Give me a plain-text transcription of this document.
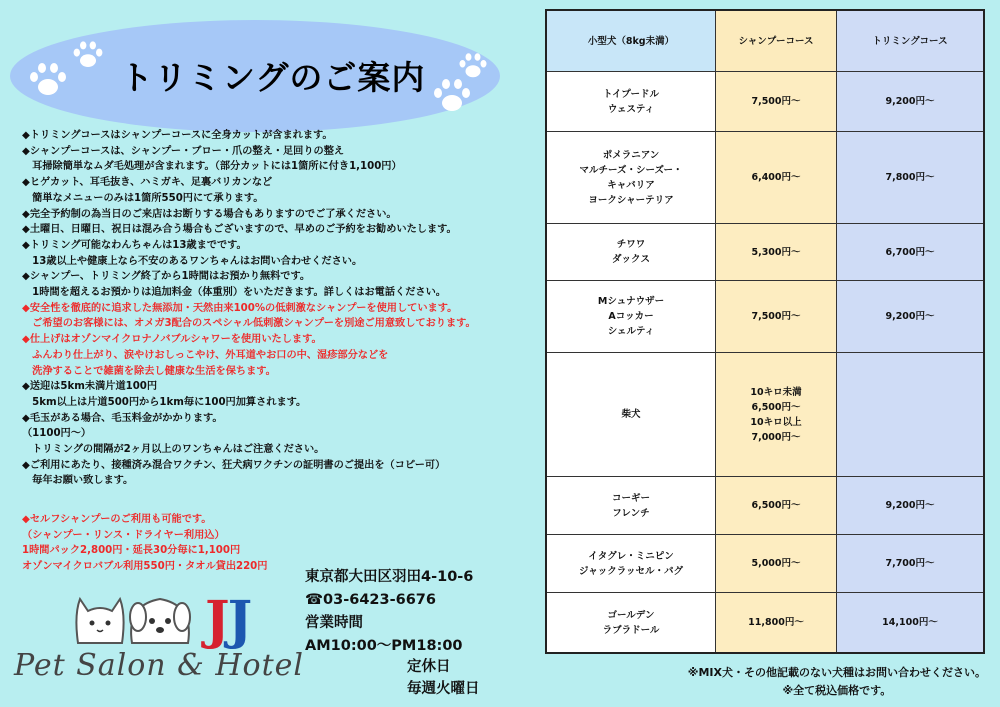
トリミングのご案内
◆トリミングコースはシャンプーコースに全身カットが含まれます。
◆シャンプーコースは、シャンプー・ブロー・爪の整え・足回りの整え
　耳掃除簡単なムダ毛処理が含まれます。（部分カットには1箇所に付き1,100円）
◆ヒゲカット、耳毛抜き、ハミガキ、足裏バリカンなど
　簡単なメニューのみは1箇所550円にて承ります。
◆完全予約制の為当日のご来店はお断りする場合もありますのでご了承ください。
◆土曜日、日曜日、祝日は混み合う場合もございますので、早めのご予約をお勧めいたします。
◆トリミング可能なわんちゃんは13歳までです。
　13歳以上や健康上なら不安のあるワンちゃんはお問い合わせください。
◆シャンプー、トリミング終了から1時間はお預かり無料です。
　1時間を超えるお預かりは追加料金（体重別）をいただきます。詳しくはお電話ください。
◆安全性を徹底的に追求した無添加・天然由来100%の低刺激なシャンプーを使用しています。
　ご希望のお客様には、オメガ3配合のスペシャル低刺激シャンプーを別途ご用意致しております。
◆仕上げはオゾンマイクロナノバブルシャワーを使用いたします。
　ふんわり仕上がり、涙やけおしっこやけ、外耳道やお口の中、湿疹部分などを
　洗浄することで雑菌を除去し健康な生活を保ちます。
◆送迎は5km未満片道100円
　5km以上は片道500円から1km毎に100円加算されます。
◆毛玉がある場合、毛玉料金がかかります。
（1100円〜）
　トリミングの間隔が2ヶ月以上のワンちゃんはご注意ください。
◆ご利用にあたり、接種済み混合ワクチン、狂犬病ワクチンの証明書のご提出を（コピー可）
　毎年お願い致します。
◆セルフシャンプーのご利用も可能です。
（シャンプー・リンス・ドライヤー利用込）
1時間パック2,800円・延長30分毎に1,100円
オゾンマイクロバブル利用550円・タオル貸出220円
JJ
Pet Salon & Hotel
東京都大田区羽田4-10-6
☎03-6423-6676
営業時間
AM10:00〜PM18:00
定休日
毎週火曜日
小型犬（8kg未満）	シャンプーコース	トリミングコース

トイプードル
ウェスティ	7,500円〜	9,200円〜

ポメラニアン
マルチーズ・シーズー・
キャバリア
ヨークシャーテリア	6,400円〜	7,800円〜

チワワ
ダックス	5,300円〜	6,700円〜

Mシュナウザー
Aコッカー
シェルティ	7,500円〜	9,200円〜

柴犬	10キロ未満
6,500円〜
10キロ以上
7,000円〜	

コーギー
フレンチ	6,500円〜	9,200円〜

イタグレ・ミニピン
ジャックラッセル・パグ	5,000円〜	7,700円〜

ゴールデン
ラブラドール	11,800円〜	14,100円〜
※MIX犬・その他記載のない犬種はお問い合わせください。
※全て税込価格です。
